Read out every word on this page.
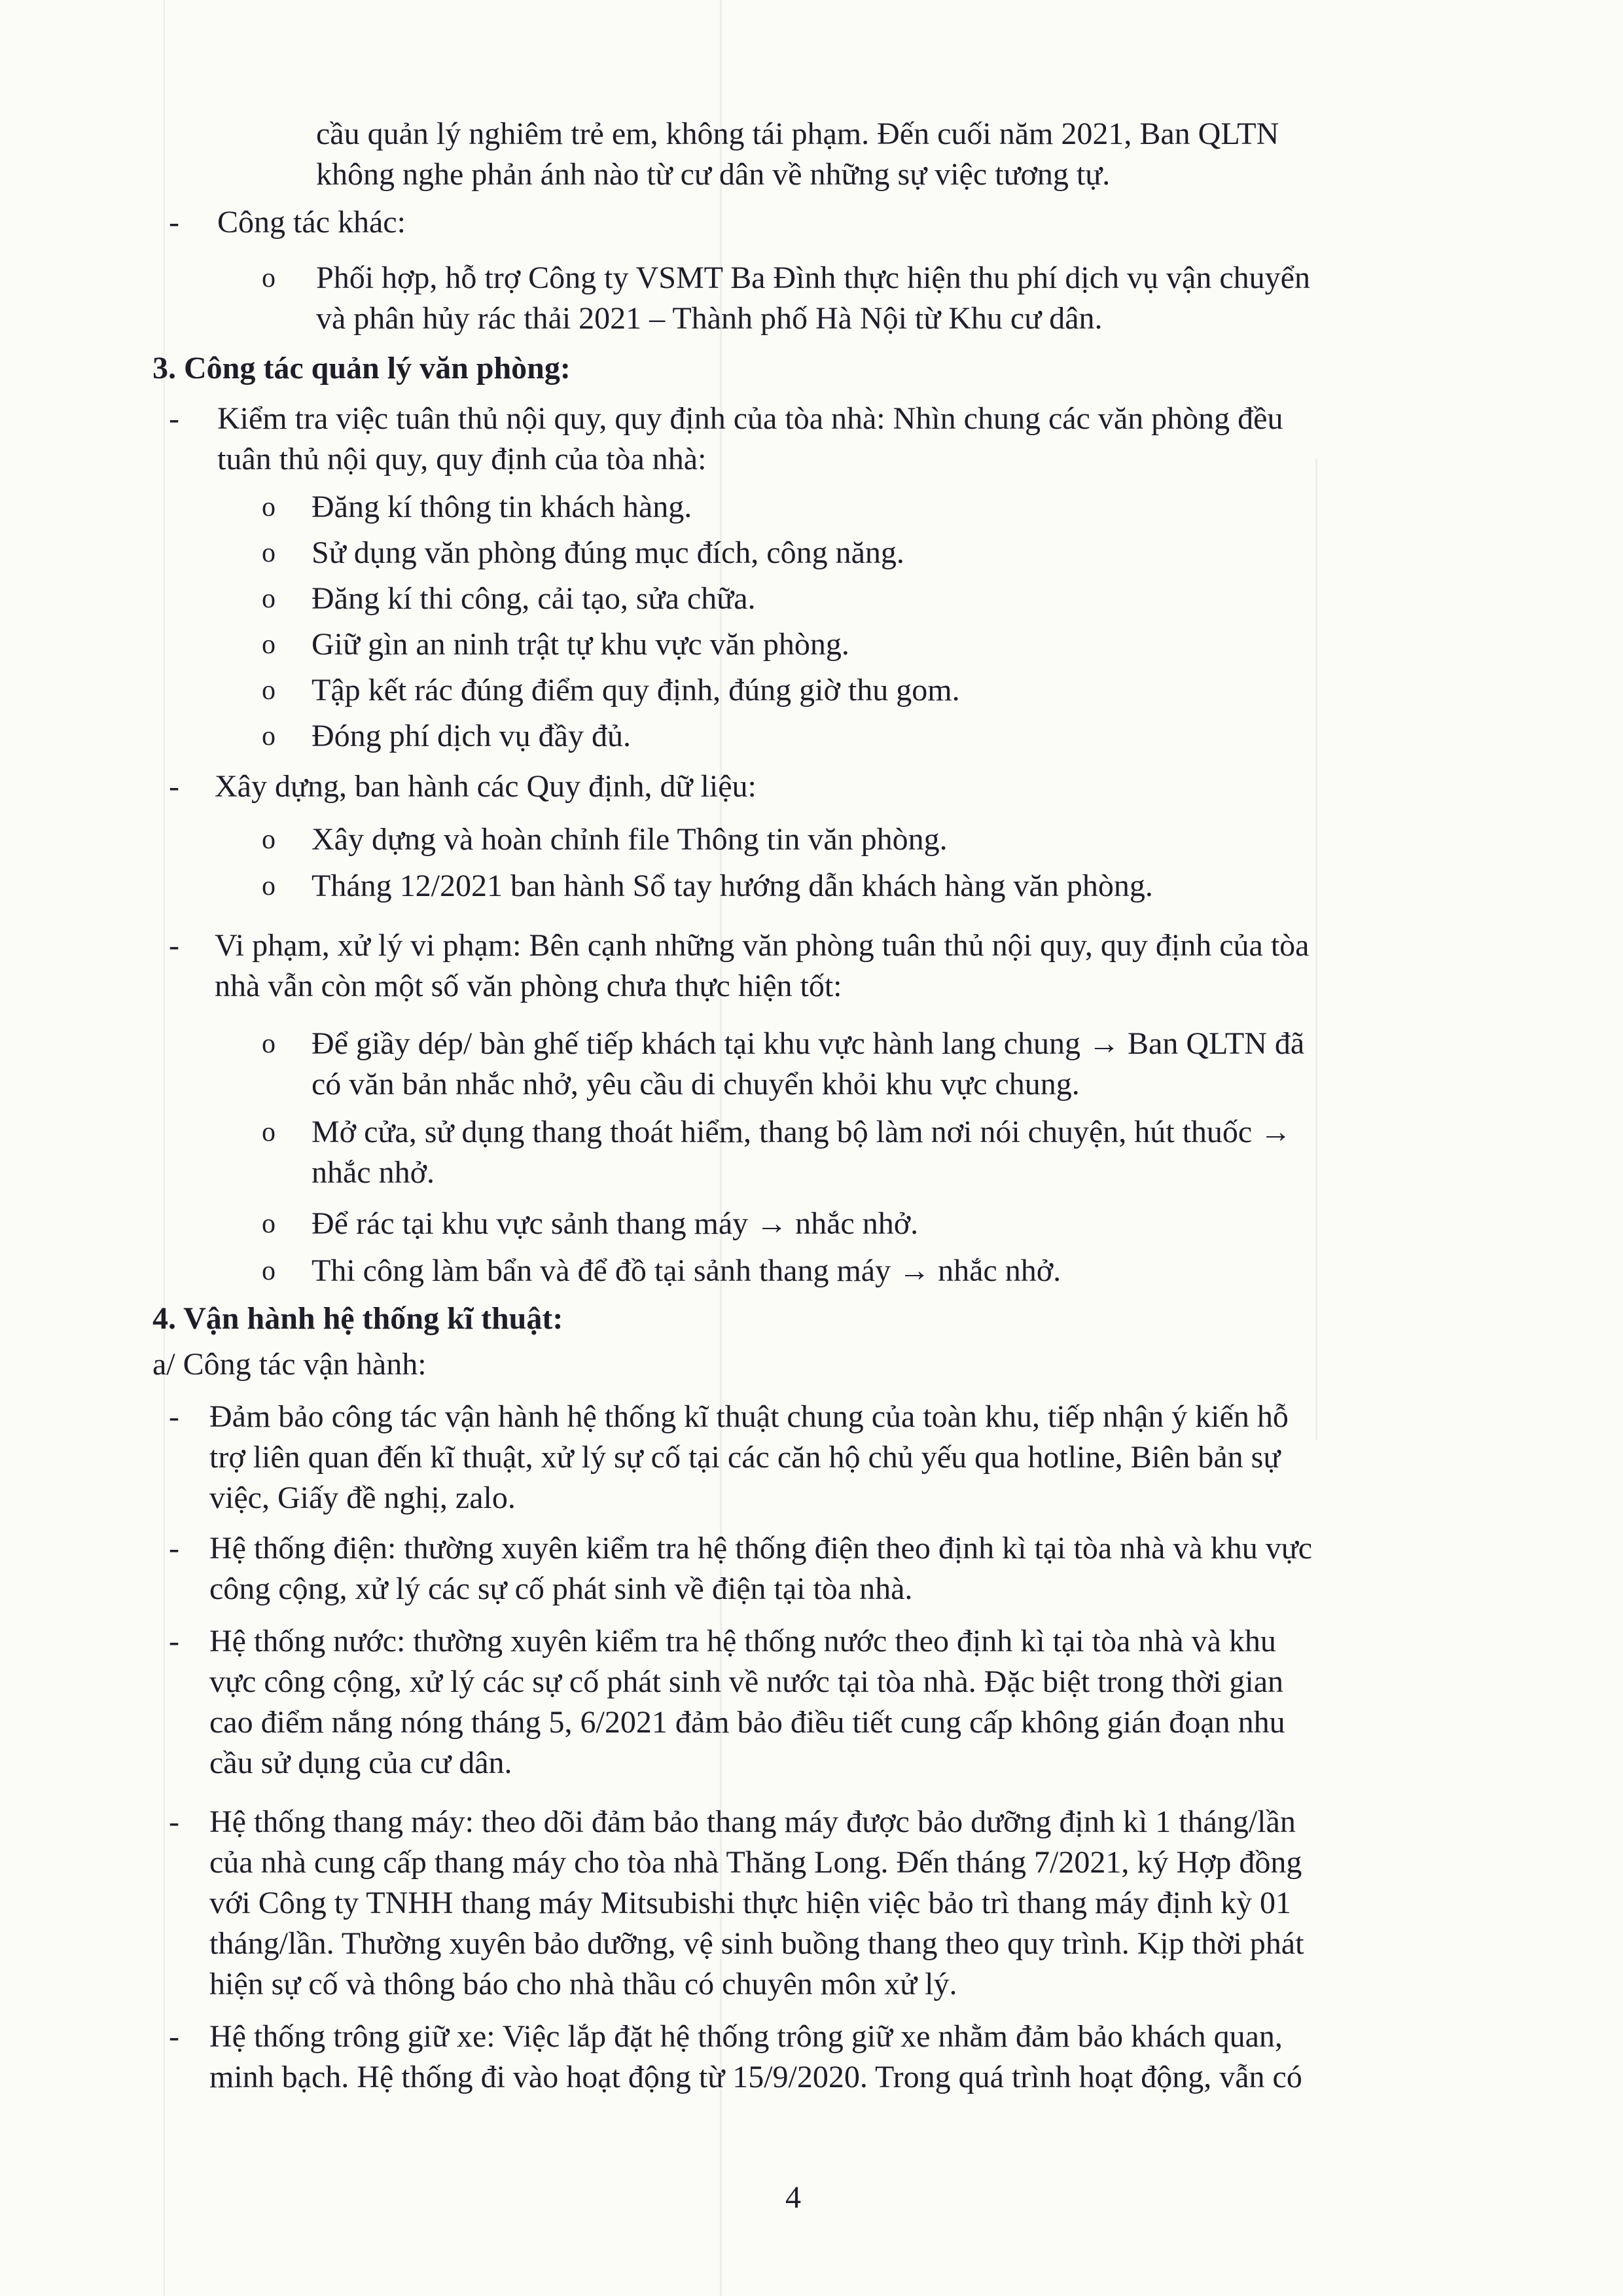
cầu quản lý nghiêm trẻ em, không tái phạm. Đến cuối năm 2021, Ban QLTN
không nghe phản ánh nào từ cư dân về những sự việc tương tự.
- Công tác khác:
o Phối hợp, hỗ trợ Công ty VSMT Ba Đình thực hiện thu phí dịch vụ vận chuyển
và phân hủy rác thải 2021 – Thành phố Hà Nội từ Khu cư dân.
3. Công tác quản lý văn phòng:
- Kiểm tra việc tuân thủ nội quy, quy định của tòa nhà: Nhìn chung các văn phòng đều
tuân thủ nội quy, quy định của tòa nhà:
o Đăng kí thông tin khách hàng.
o Sử dụng văn phòng đúng mục đích, công năng.
o Đăng kí thi công, cải tạo, sửa chữa.
o Giữ gìn an ninh trật tự khu vực văn phòng.
o Tập kết rác đúng điểm quy định, đúng giờ thu gom.
o Đóng phí dịch vụ đầy đủ.
- Xây dựng, ban hành các Quy định, dữ liệu:
o Xây dựng và hoàn chỉnh file Thông tin văn phòng.
o Tháng 12/2021 ban hành Sổ tay hướng dẫn khách hàng văn phòng.
- Vi phạm, xử lý vi phạm: Bên cạnh những văn phòng tuân thủ nội quy, quy định của tòa
nhà vẫn còn một số văn phòng chưa thực hiện tốt:
o Để giầy dép/ bàn ghế tiếp khách tại khu vực hành lang chung → Ban QLTN đã
có văn bản nhắc nhở, yêu cầu di chuyển khỏi khu vực chung.
o Mở cửa, sử dụng thang thoát hiểm, thang bộ làm nơi nói chuyện, hút thuốc →
nhắc nhở.
o Để rác tại khu vực sảnh thang máy → nhắc nhở.
o Thi công làm bẩn và để đồ tại sảnh thang máy → nhắc nhở.
4. Vận hành hệ thống kĩ thuật:
a/ Công tác vận hành:
- Đảm bảo công tác vận hành hệ thống kĩ thuật chung của toàn khu, tiếp nhận ý kiến hỗ
trợ liên quan đến kĩ thuật, xử lý sự cố tại các căn hộ chủ yếu qua hotline, Biên bản sự
việc, Giấy đề nghị, zalo.
- Hệ thống điện: thường xuyên kiểm tra hệ thống điện theo định kì tại tòa nhà và khu vực
công cộng, xử lý các sự cố phát sinh về điện tại tòa nhà.
- Hệ thống nước: thường xuyên kiểm tra hệ thống nước theo định kì tại tòa nhà và khu
vực công cộng, xử lý các sự cố phát sinh về nước tại tòa nhà. Đặc biệt trong thời gian
cao điểm nắng nóng tháng 5, 6/2021 đảm bảo điều tiết cung cấp không gián đoạn nhu
cầu sử dụng của cư dân.
- Hệ thống thang máy: theo dõi đảm bảo thang máy được bảo dưỡng định kì 1 tháng/lần
của nhà cung cấp thang máy cho tòa nhà Thăng Long. Đến tháng 7/2021, ký Hợp đồng
với Công ty TNHH thang máy Mitsubishi thực hiện việc bảo trì thang máy định kỳ 01
tháng/lần. Thường xuyên bảo dưỡng, vệ sinh buồng thang theo quy trình. Kịp thời phát
hiện sự cố và thông báo cho nhà thầu có chuyên môn xử lý.
- Hệ thống trông giữ xe: Việc lắp đặt hệ thống trông giữ xe nhằm đảm bảo khách quan,
minh bạch. Hệ thống đi vào hoạt động từ 15/9/2020. Trong quá trình hoạt động, vẫn có
4
